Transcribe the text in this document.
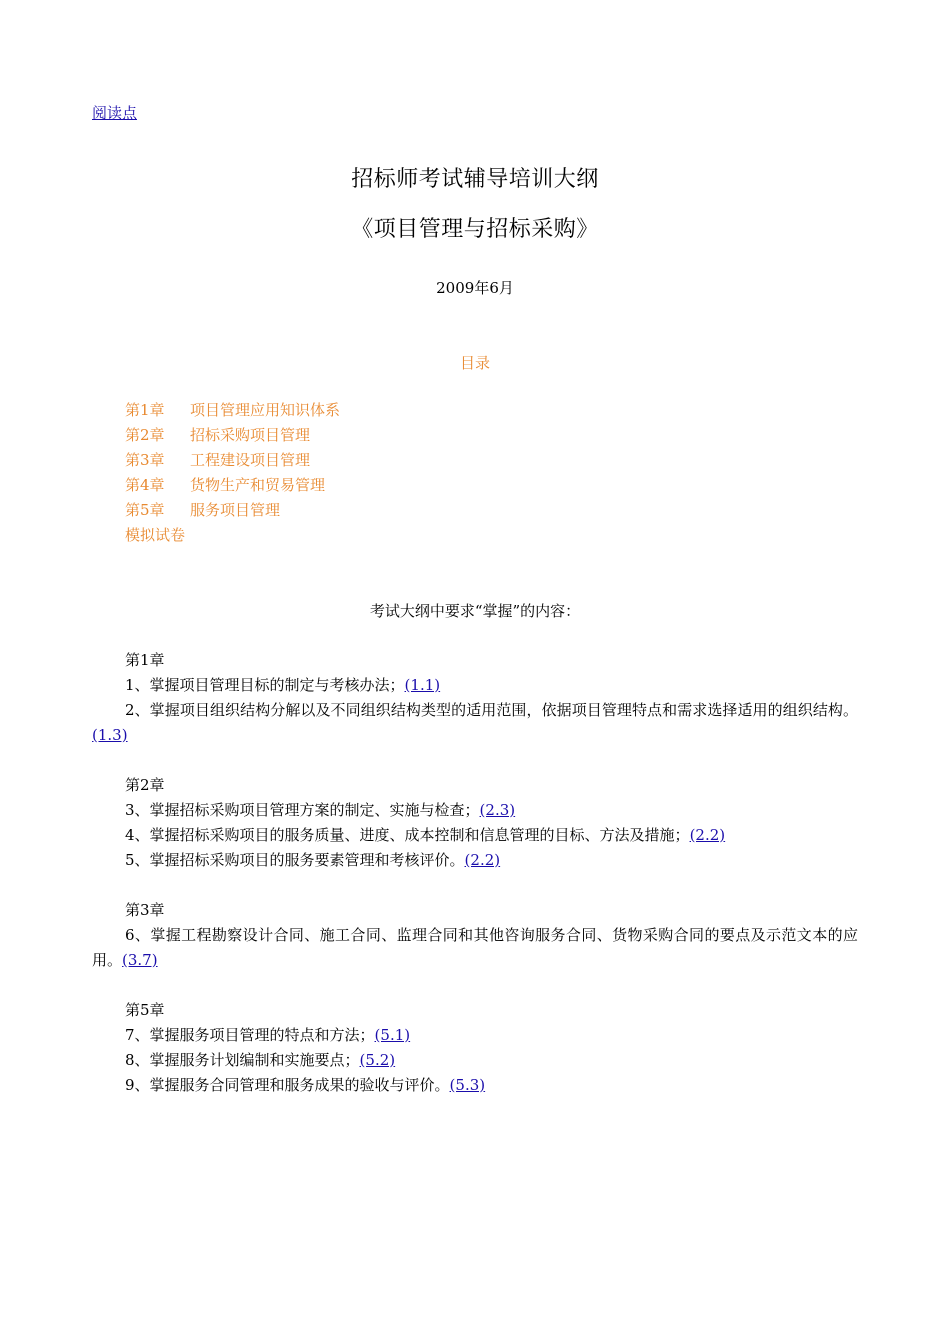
阅读点
招标师考试辅导培训大纲
《项目管理与招标采购》
2009年6月
目录
第1章 项目管理应用知识体系
第2章 招标采购项目管理
第3章 工程建设项目管理
第4章 货物生产和贸易管理
第5章 服务项目管理
模拟试卷
考试大纲中要求“掌握”的内容：
第1章
1、掌握项目管理目标的制定与考核办法；(1.1)
2、掌握项目组织结构分解以及不同组织结构类型的适用范围，依据项目管理特点和需求选择适用的组织结构。(1.3)
第2章
3、掌握招标采购项目管理方案的制定、实施与检查；(2.3)
4、掌握招标采购项目的服务质量、进度、成本控制和信息管理的目标、方法及措施；(2.2)
5、掌握招标采购项目的服务要素管理和考核评价。(2.2)
第3章
6、掌握工程勘察设计合同、施工合同、监理合同和其他咨询服务合同、货物采购合同的要点及示范文本的应用。(3.7)
第5章
7、掌握服务项目管理的特点和方法；(5.1)
8、掌握服务计划编制和实施要点；(5.2)
9、掌握服务合同管理和服务成果的验收与评价。(5.3)
